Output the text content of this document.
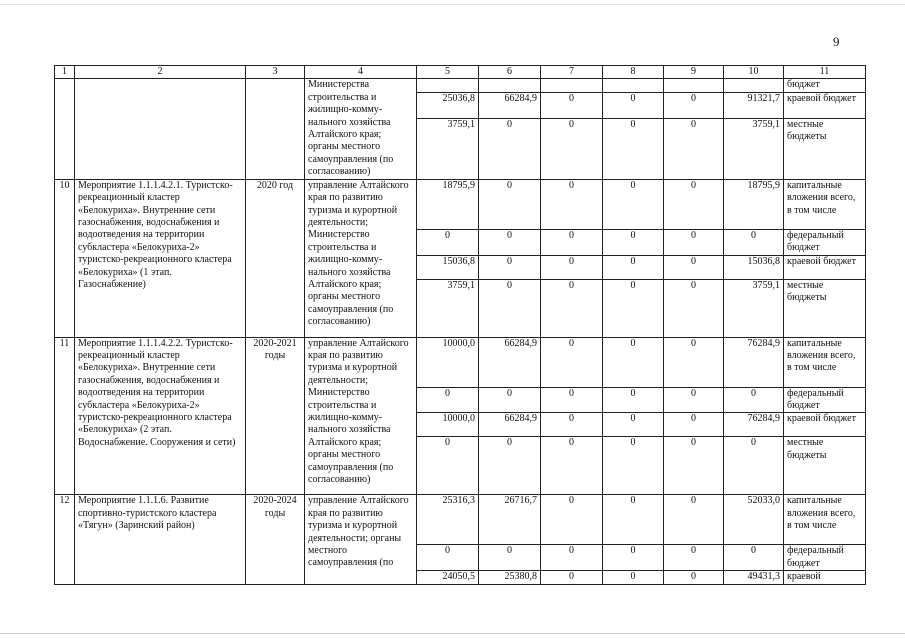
9
1	2	3	4	5	6	7	8	9	10	11
			Министерства строительства и жилищно-коммунального хозяйства Алтайского края; органы местного самоуправления (по согласованию)							бюджет
				25036,8	66284,9	0	0	0	91321,7	краевой бюджет
				3759,1	0	0	0	0	3759,1	местные бюджеты
10	Мероприятие 1.1.1.4.2.1. Туристско-рекреационный кластер «Белокуриха». Внутренние сети газоснабжения, водоснабжения и водоотведения на территории субкластера «Белокуриха-2» туристско-рекреационного кластера «Белокуриха» (1 этап. Газоснабжение)	2020 год	управление Алтайского края по развитию туризма и курортной деятельности; Министерство строительства и жилищно-коммунального хозяйства Алтайского края; органы местного самоуправления (по согласованию)	18795,9	0	0	0	0	18795,9	капитальные вложения всего, в том числе
				0	0	0	0	0	0	федеральный бюджет
				15036,8	0	0	0	0	15036,8	краевой бюджет
				3759,1	0	0	0	0	3759,1	местные бюджеты
11	Мероприятие 1.1.1.4.2.2. Туристско-рекреационный кластер «Белокуриха». Внутренние сети газоснабжения, водоснабжения и водоотведения на территории субкластера «Белокуриха-2» туристско-рекреационного кластера «Белокуриха» (2 этап. Водоснабжение. Сооружения и сети)	2020-2021 годы	управление Алтайского края по развитию туризма и курортной деятельности; Министерство строительства и жилищно-коммунального хозяйства Алтайского края; органы местного самоуправления (по согласованию)	10000,0	66284,9	0	0	0	76284,9	капитальные вложения всего, в том числе
				0	0	0	0	0	0	федеральный бюджет
				10000,0	66284,9	0	0	0	76284,9	краевой бюджет
				0	0	0	0	0	0	местные бюджеты
12	Мероприятие 1.1.1.6. Развитие спортивно-туристского кластера «Тягун» (Заринский район)	2020-2024 годы	управление Алтайского края по развитию туризма и курортной деятельности; органы местного самоуправления (по	25316,3	26716,7	0	0	0	52033,0	капитальные вложения всего, в том числе
				0	0	0	0	0	0	федеральный бюджет
				24050,5	25380,8	0	0	0	49431,3	краевой
